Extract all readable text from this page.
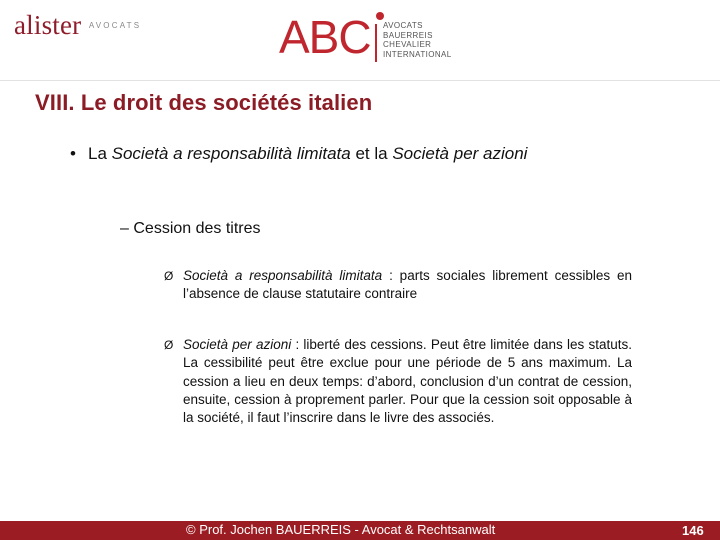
alister AVOCATS	ABC AVOCATS
BAUERREIS
CHEVALIER
INTERNATIONAL
VIII. Le droit des sociétés italien
• La Società a responsabilità limitata et la Società per azioni
– Cession des titres
Ø Società a responsabilità limitata : parts sociales librement cessibles en l’absence de clause statutaire contraire
Ø Società per azioni : liberté des cessions. Peut être limitée dans les statuts. La cessibilité peut être exclue pour une période de 5 ans maximum. La cession a lieu en deux temps: d’abord, conclusion d’un contrat de cession, ensuite, cession à proprement parler. Pour que la cession soit opposable à la société, il faut l’inscrire dans le livre des associés.
© Prof. Jochen BAUERREIS - Avocat & Rechtsanwalt	146
